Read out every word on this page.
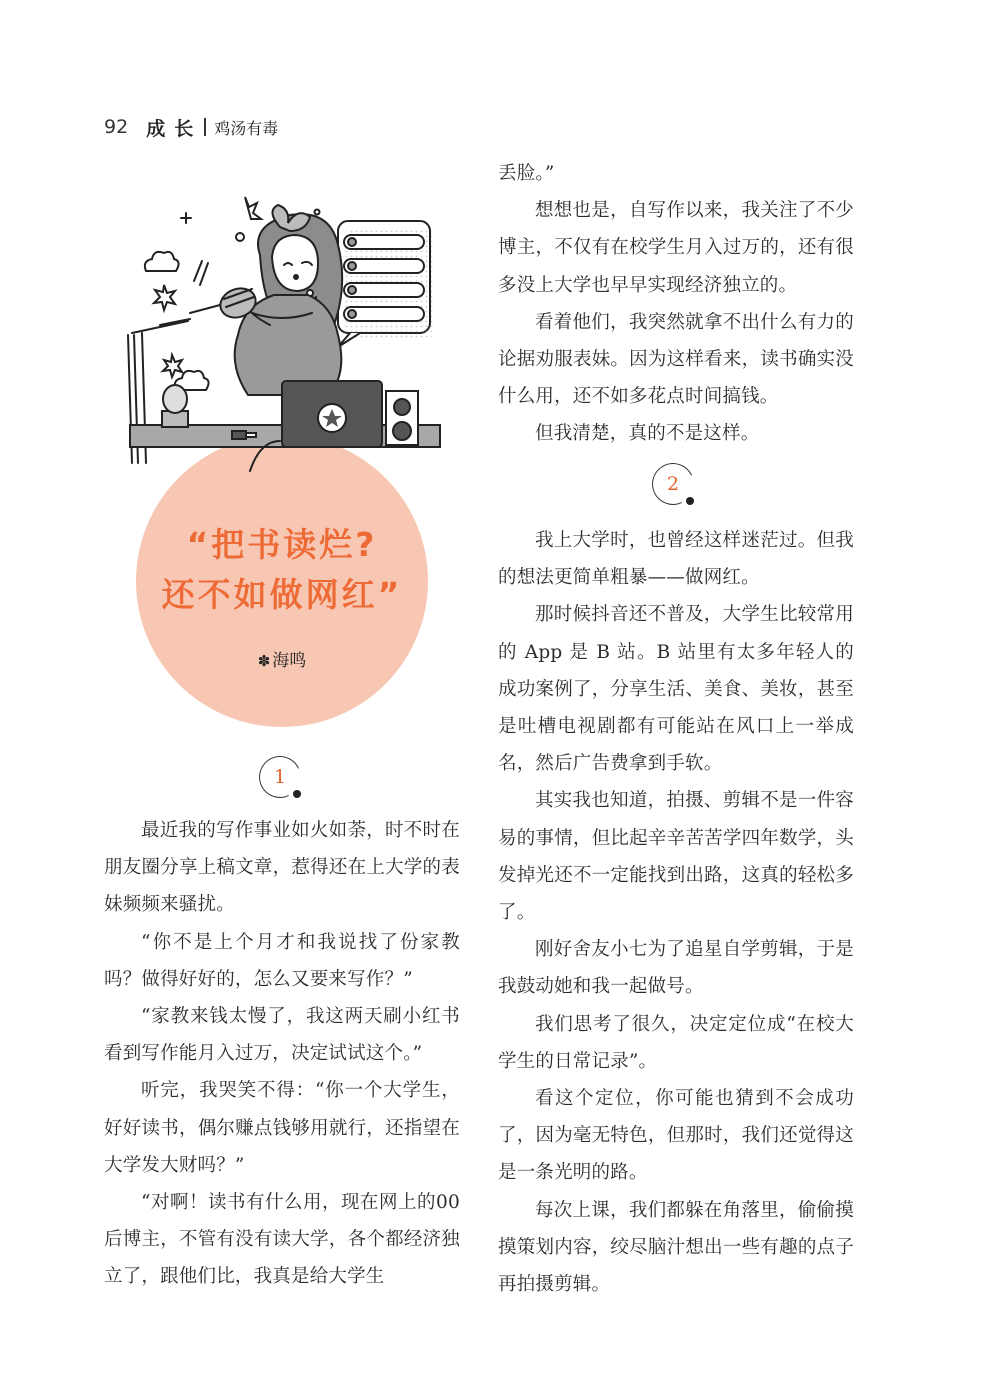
92 成长 鸡汤有毒
“把书读烂?
还不如做网红”
✽ 海鸣
1

最近我的写作事业如火如荼，时不时在朋友圈分享上稿文章，惹得还在上大学的表妹频频来骚扰。

“你不是上个月才和我说找了份家教吗？做得好好的，怎么又要来写作？”

“家教来钱太慢了，我这两天刷小红书看到写作能月入过万，决定试试这个。”

听完，我哭笑不得：“你一个大学生，好好读书，偶尔赚点钱够用就行，还指望在大学发大财吗？”

“对啊！读书有什么用，现在网上的00后博主，不管有没有读大学，各个都经济独立了，跟他们比，我真是给大学生

丢脸。”

想想也是，自写作以来，我关注了不少博主，不仅有在校学生月入过万的，还有很多没上大学也早早实现经济独立的。

看着他们，我突然就拿不出什么有力的论据劝服表妹。因为这样看来，读书确实没什么用，还不如多花点时间搞钱。

但我清楚，真的不是这样。

2

我上大学时，也曾经这样迷茫过。但我的想法更简单粗暴——做网红。

那时候抖音还不普及，大学生比较常用的 App 是 B 站。B 站里有太多年轻人的成功案例了，分享生活、美食、美妆，甚至是吐槽电视剧都有可能站在风口上一举成名，然后广告费拿到手软。

其实我也知道，拍摄、剪辑不是一件容易的事情，但比起辛辛苦苦学四年数学，头发掉光还不一定能找到出路，这真的轻松多了。

刚好舍友小七为了追星自学剪辑，于是我鼓动她和我一起做号。

我们思考了很久，决定定位成“在校大学生的日常记录”。

看这个定位，你可能也猜到不会成功了，因为毫无特色，但那时，我们还觉得这是一条光明的路。

每次上课，我们都躲在角落里，偷偷摸摸策划内容，绞尽脑汁想出一些有趣的点子再拍摄剪辑。
